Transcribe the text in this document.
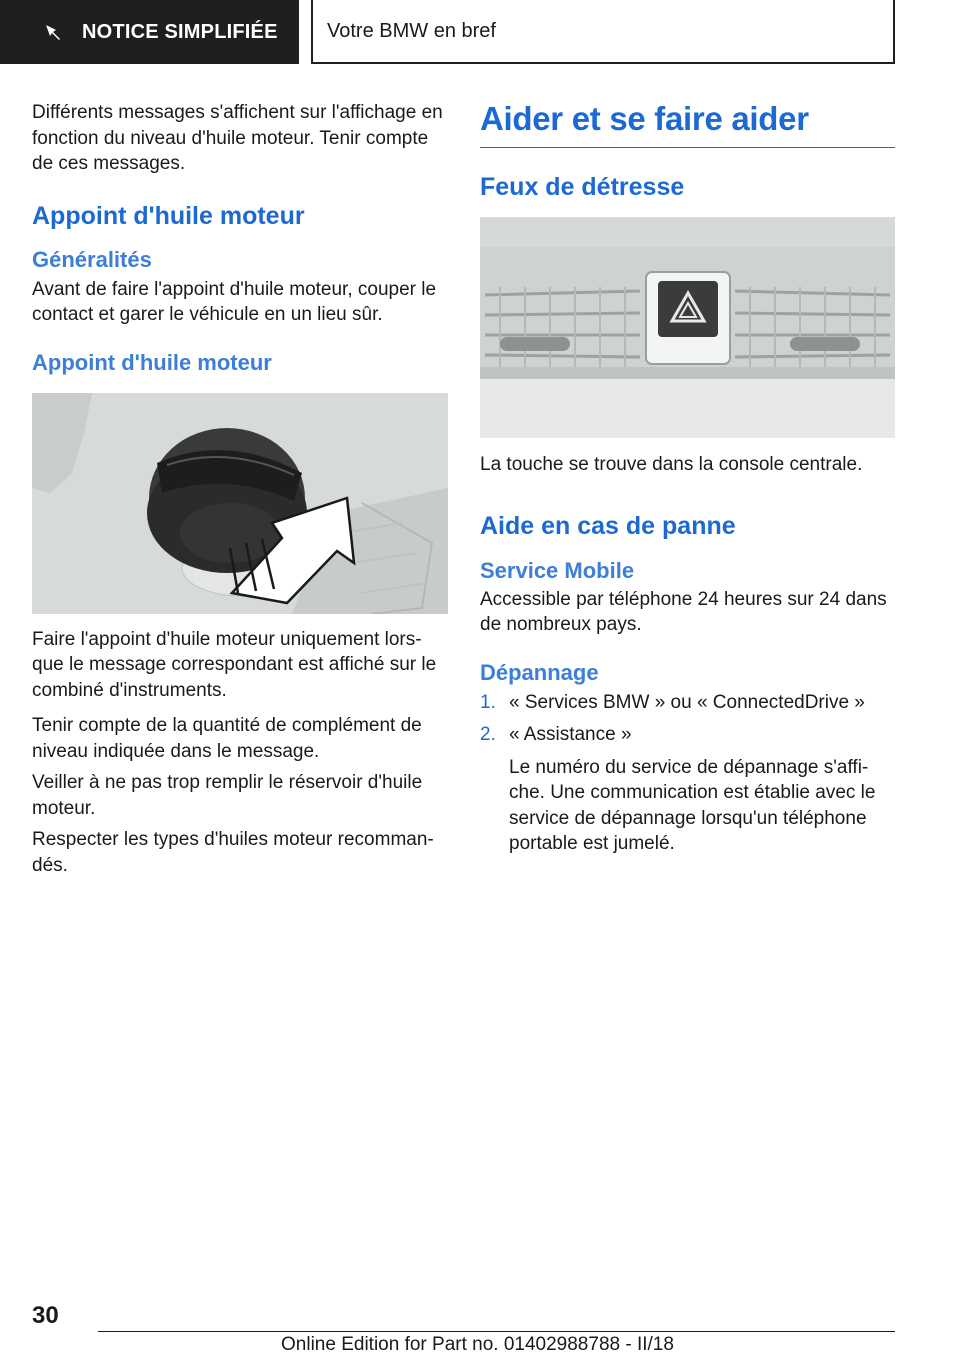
NOTICE SIMPLIFIÉE Votre BMW en bref

Différents messages s'affichent sur l'affichage en fonction du niveau d'huile moteur. Tenir compte de ces messages.

Appoint d'huile moteur
Généralités

Avant de faire l'appoint d'huile moteur, couper le contact et garer le véhicule en un lieu sûr.

Appoint d'huile moteur

Faire l'appoint d'huile moteur uniquement lors-que le message correspondant est affiché sur le combiné d'instruments.

Tenir compte de la quantité de complément de niveau indiquée dans le message.

Veiller à ne pas trop remplir le réservoir d'huile moteur.

Respecter les types d'huiles moteur recomman-dés.

Aider et se faire aider
Feux de détresse

La touche se trouve dans la console centrale.

Aide en cas de panne
Service Mobile

Accessible par téléphone 24 heures sur 24 dans de nombreux pays.

Dépannage
1. « Services BMW » ou « ConnectedDrive »
2. « Assistance »

Le numéro du service de dépannage s'affi-che. Une communication est établie avec le service de dépannage lorsqu'un téléphone portable est jumelé.

30
Online Edition for Part no. 01402988788 - II/18
